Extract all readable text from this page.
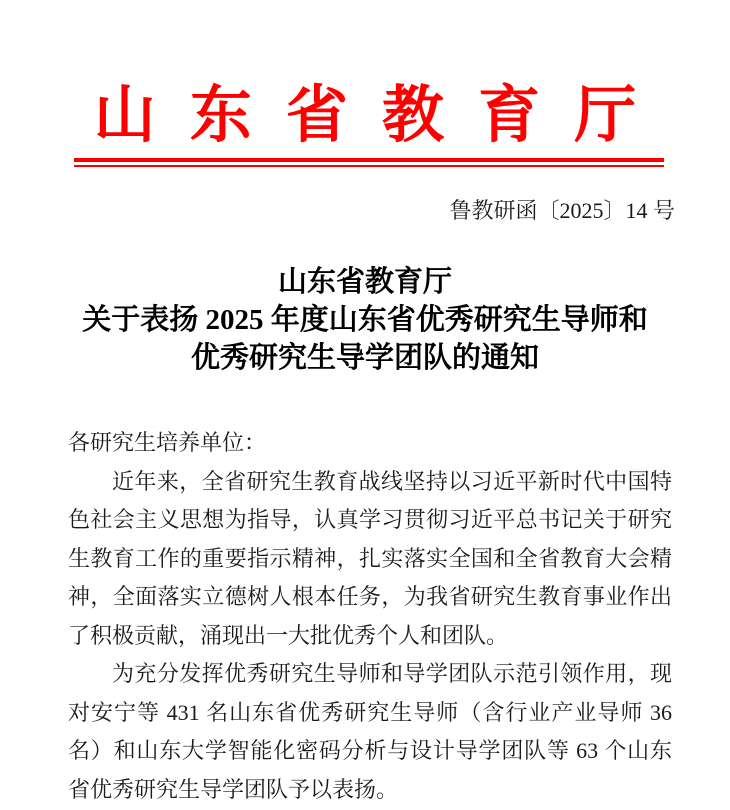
山东省教育厅
鲁教研函〔2025〕14 号
山东省教育厅
关于表扬 2025 年度山东省优秀研究生导师和
优秀研究生导学团队的通知
各研究生培养单位：

近年来，全省研究生教育战线坚持以习近平新时代中国特色社会主义思想为指导，认真学习贯彻习近平总书记关于研究生教育工作的重要指示精神，扎实落实全国和全省教育大会精神，全面落实立德树人根本任务，为我省研究生教育事业作出了积极贡献，涌现出一大批优秀个人和团队。

为充分发挥优秀研究生导师和导学团队示范引领作用，现对安宁等 431 名山东省优秀研究生导师（含行业产业导师 36 名）和山东大学智能化密码分析与设计导学团队等 63 个山东省优秀研究生导学团队予以表扬。
